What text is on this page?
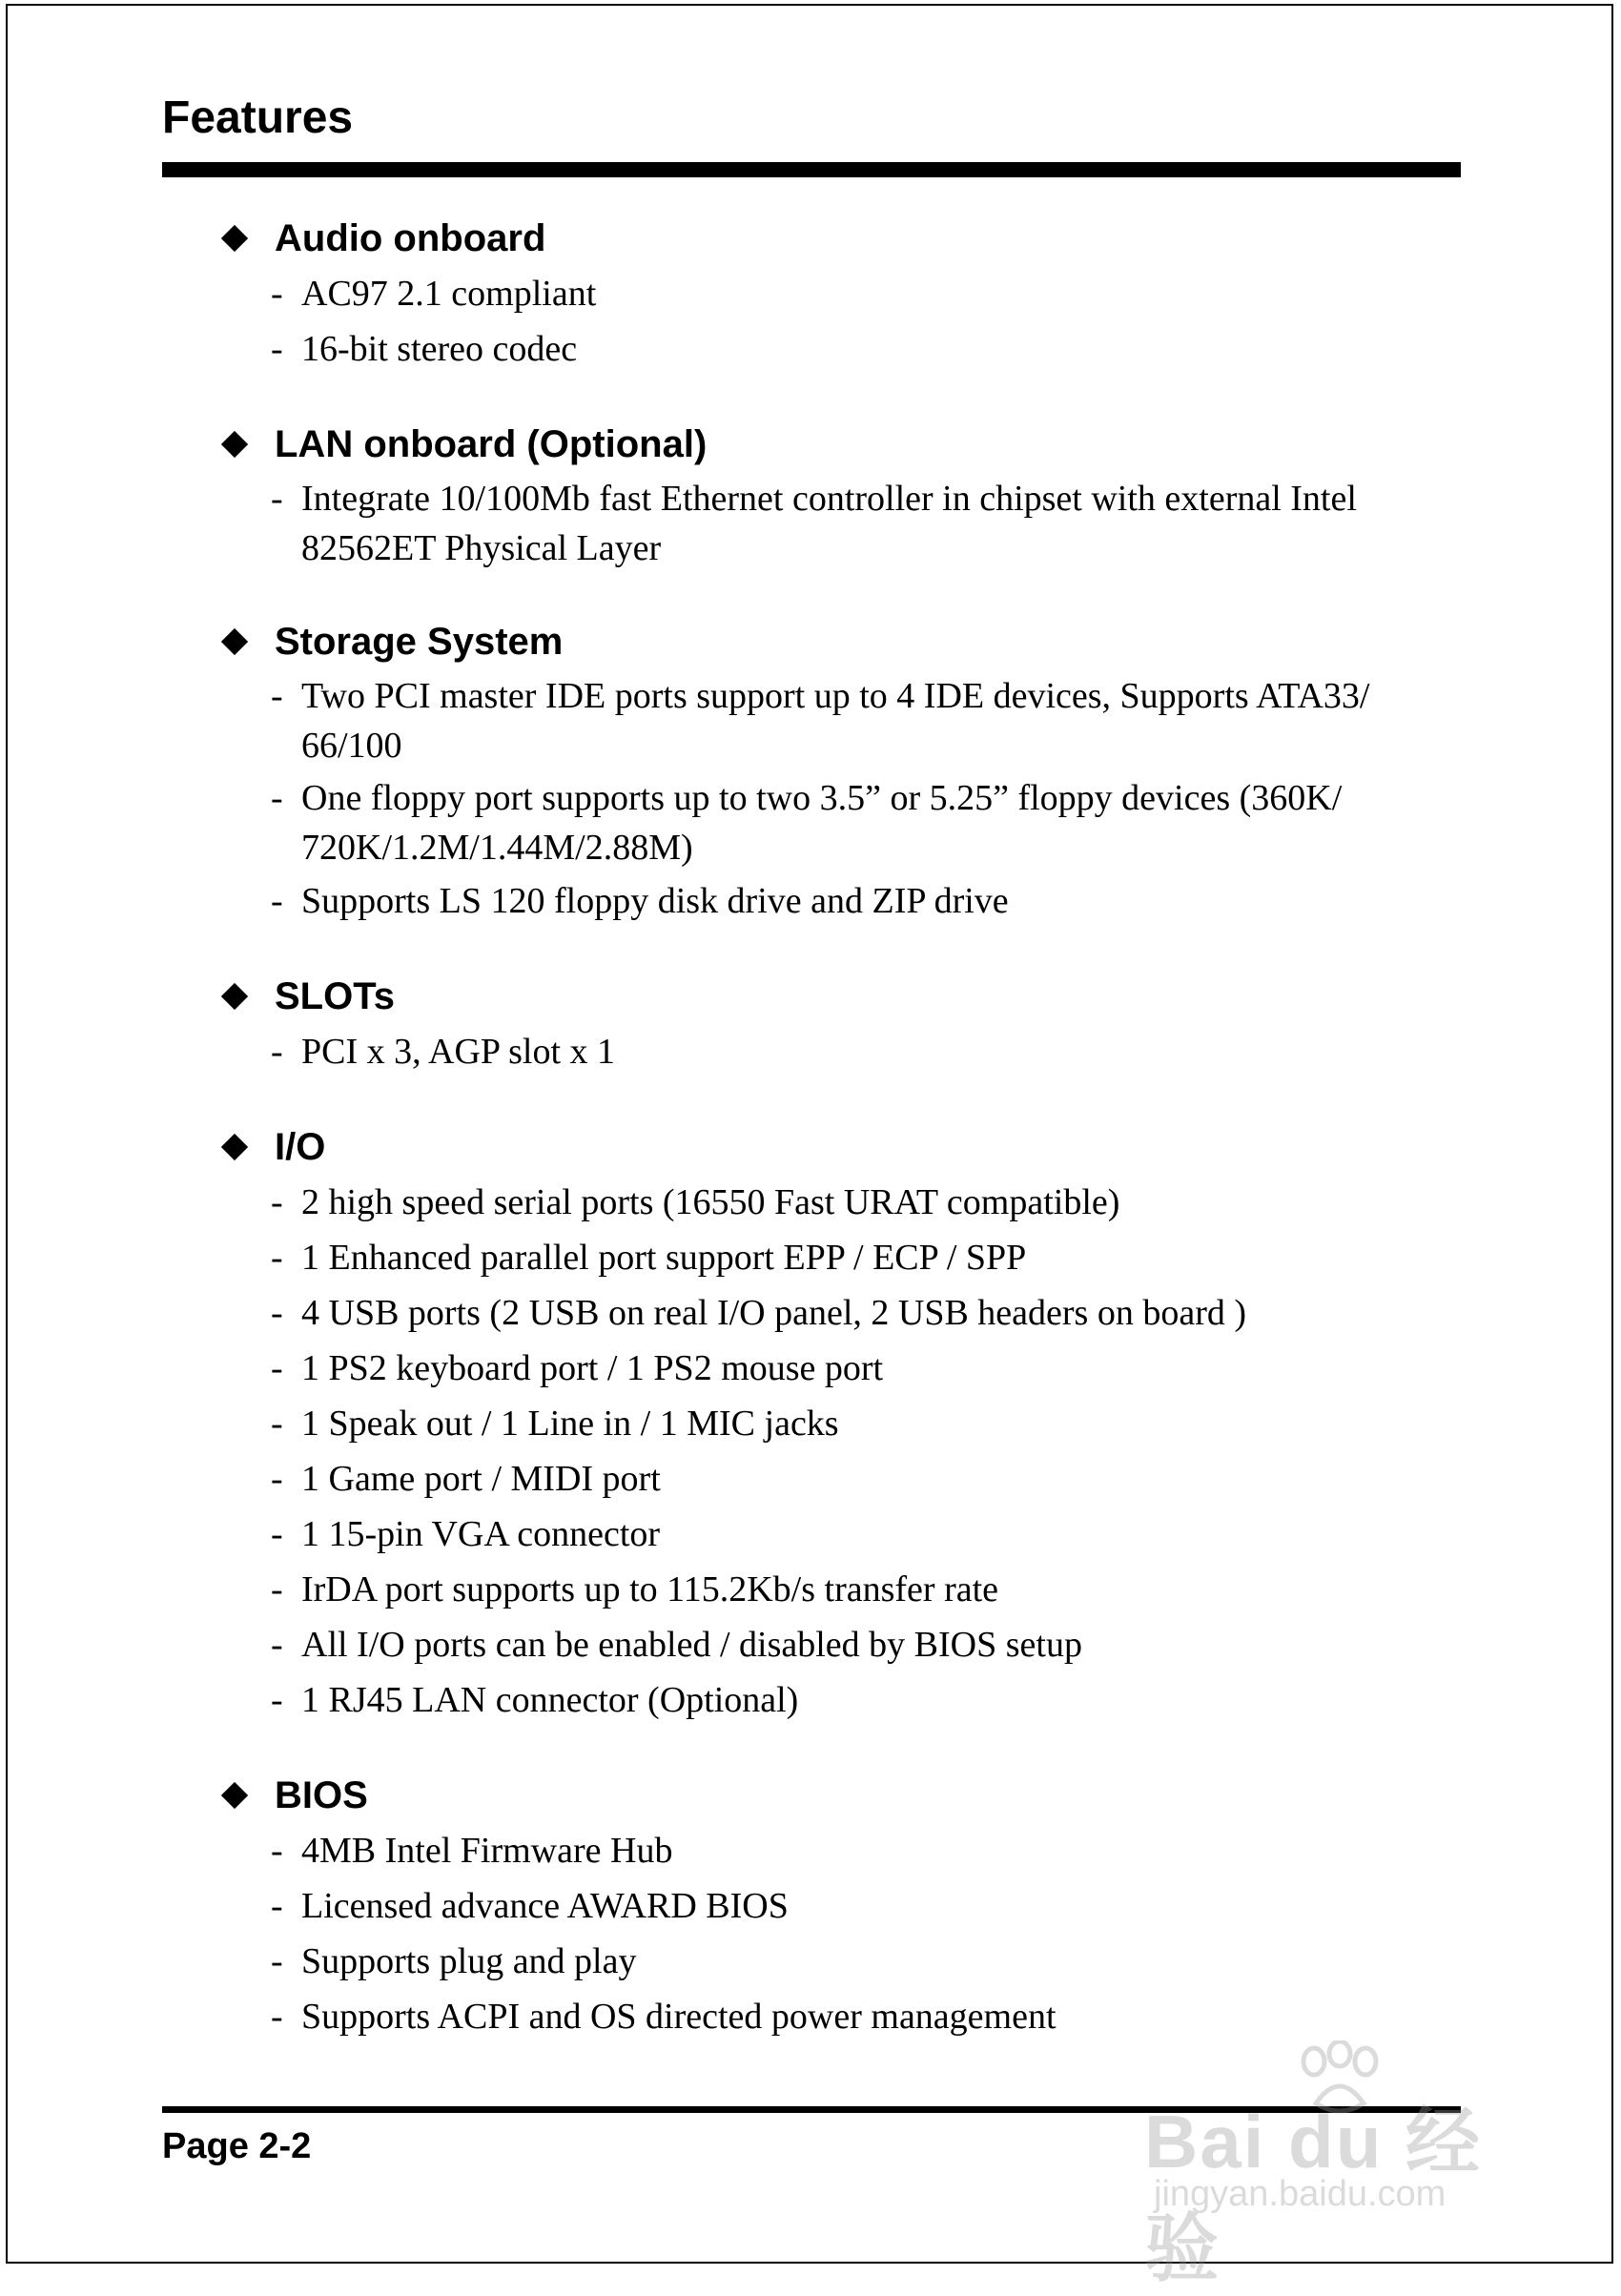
Features
Audio onboard
- AC97 2.1 compliant
- 16-bit stereo codec
LAN onboard (Optional)
- Integrate 10/100Mb fast Ethernet controller in chipset with external Intel 82562ET Physical Layer
Storage System
- Two PCI master IDE ports support up to 4 IDE devices, Supports ATA33/ 66/100
- One floppy port supports up to two 3.5” or 5.25” floppy devices (360K/ 720K/1.2M/1.44M/2.88M)
- Supports LS 120 floppy disk drive and ZIP drive
SLOTs
- PCI x 3, AGP slot x 1
I/O
- 2 high speed serial ports (16550 Fast URAT compatible)
- 1 Enhanced parallel port support EPP / ECP / SPP
- 4 USB ports (2 USB on real I/O panel, 2 USB headers on board )
- 1 PS2 keyboard port / 1 PS2 mouse port
- 1 Speak out / 1 Line in / 1 MIC jacks
- 1 Game port / MIDI port
- 1 15-pin VGA connector
- IrDA port supports up to 115.2Kb/s transfer rate
- All I/O ports can be enabled / disabled by BIOS setup
- 1 RJ45 LAN connector (Optional)
BIOS
- 4MB Intel Firmware Hub
- Licensed advance AWARD BIOS
- Supports plug and play
- Supports ACPI and OS directed power management
Page 2-2	Bai du 经验
jingyan.baidu.com
